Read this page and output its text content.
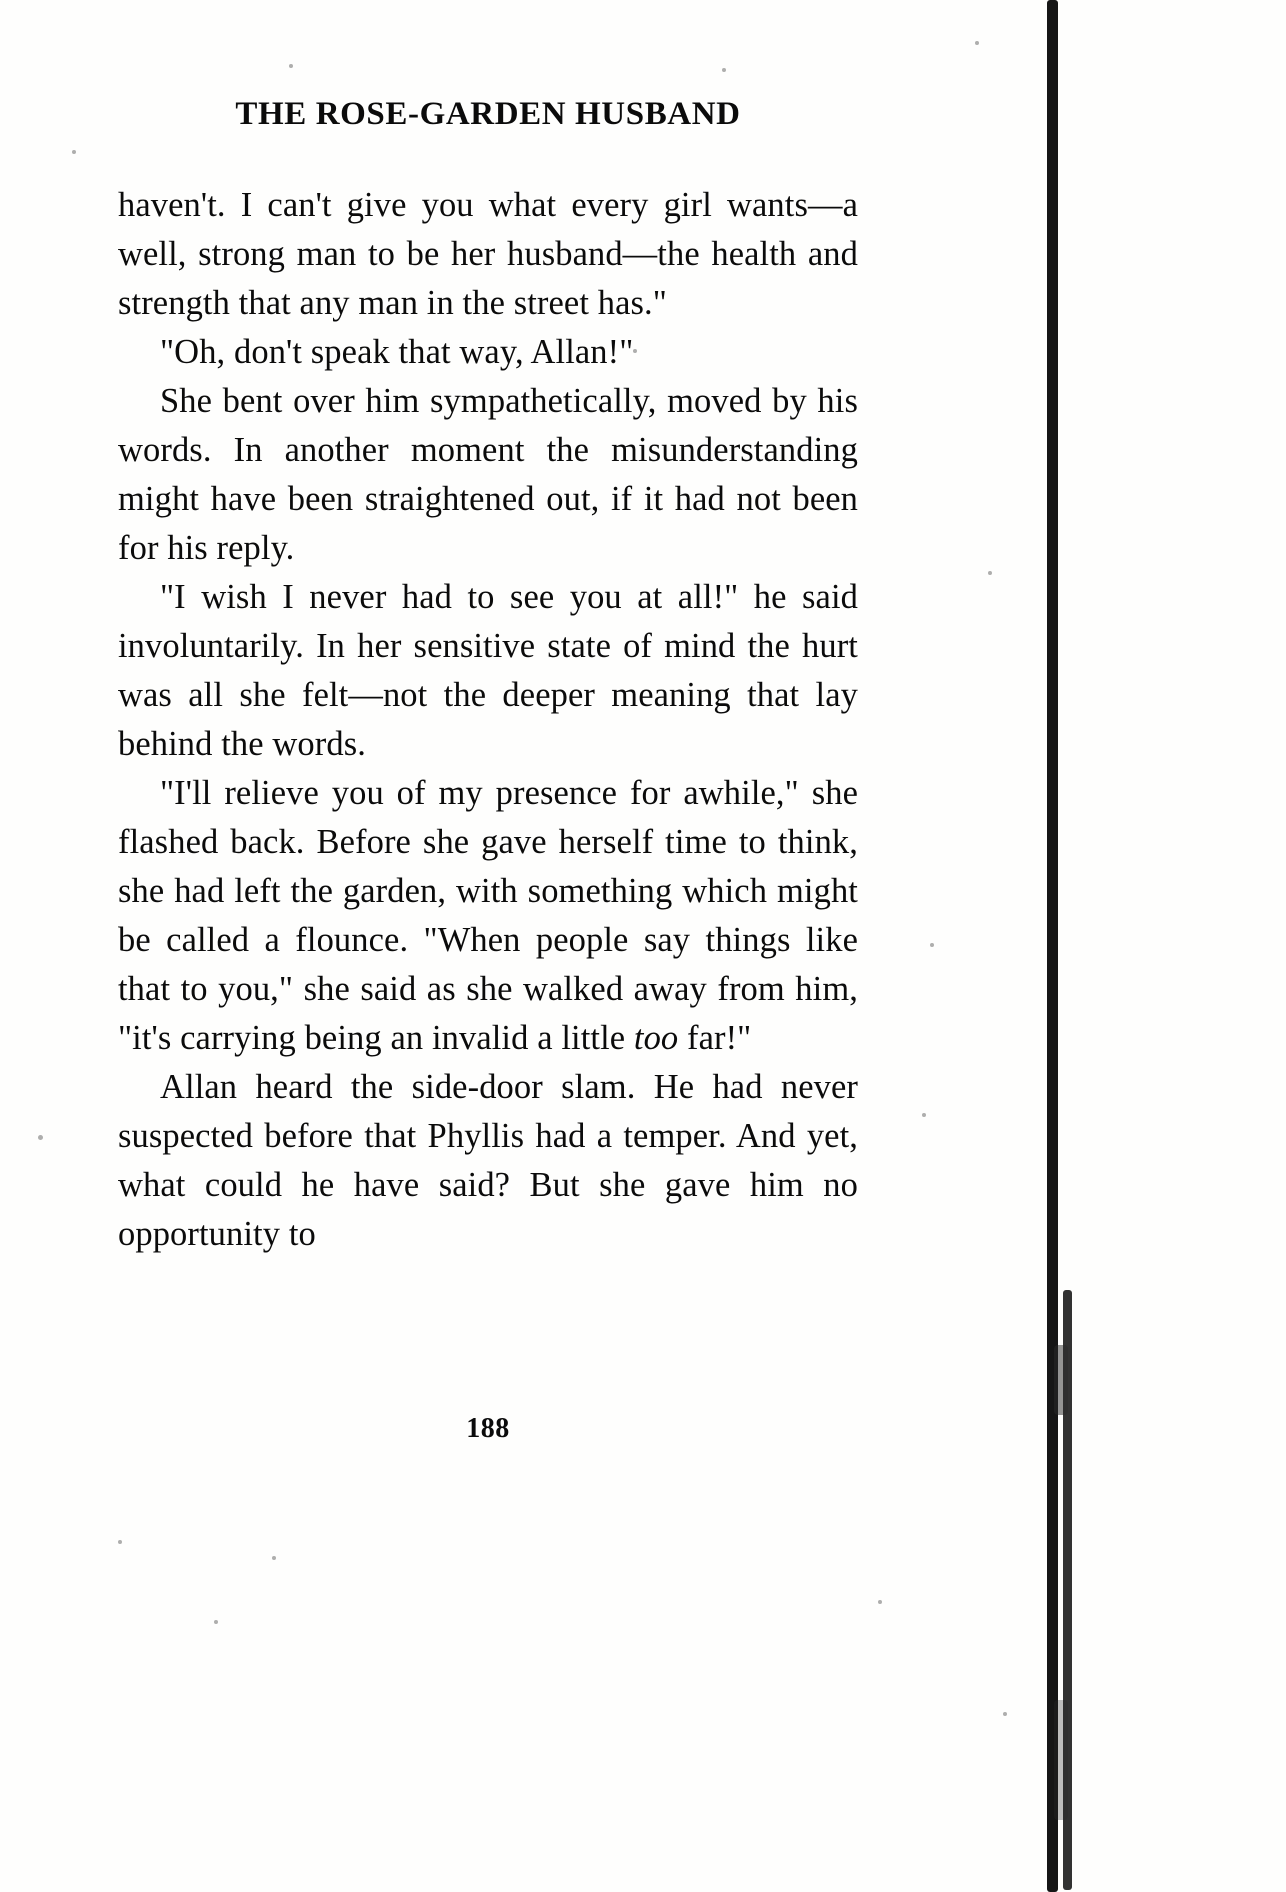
THE ROSE-GARDEN HUSBAND

haven't. I can't give you what every girl wants—a well, strong man to be her husband—the health and strength that any man in the street has."

"Oh, don't speak that way, Allan!"

She bent over him sympathetically, moved by his words. In another moment the misunderstanding might have been straightened out, if it had not been for his reply.

"I wish I never had to see you at all!" he said involuntarily. In her sensitive state of mind the hurt was all she felt—not the deeper meaning that lay behind the words.

"I'll relieve you of my presence for awhile," she flashed back. Before she gave herself time to think, she had left the garden, with something which might be called a flounce. "When people say things like that to you," she said as she walked away from him, "it's carrying being an invalid a little too far!"

Allan heard the side-door slam. He had never suspected before that Phyllis had a temper. And yet, what could he have said? But she gave him no opportunity to

188
